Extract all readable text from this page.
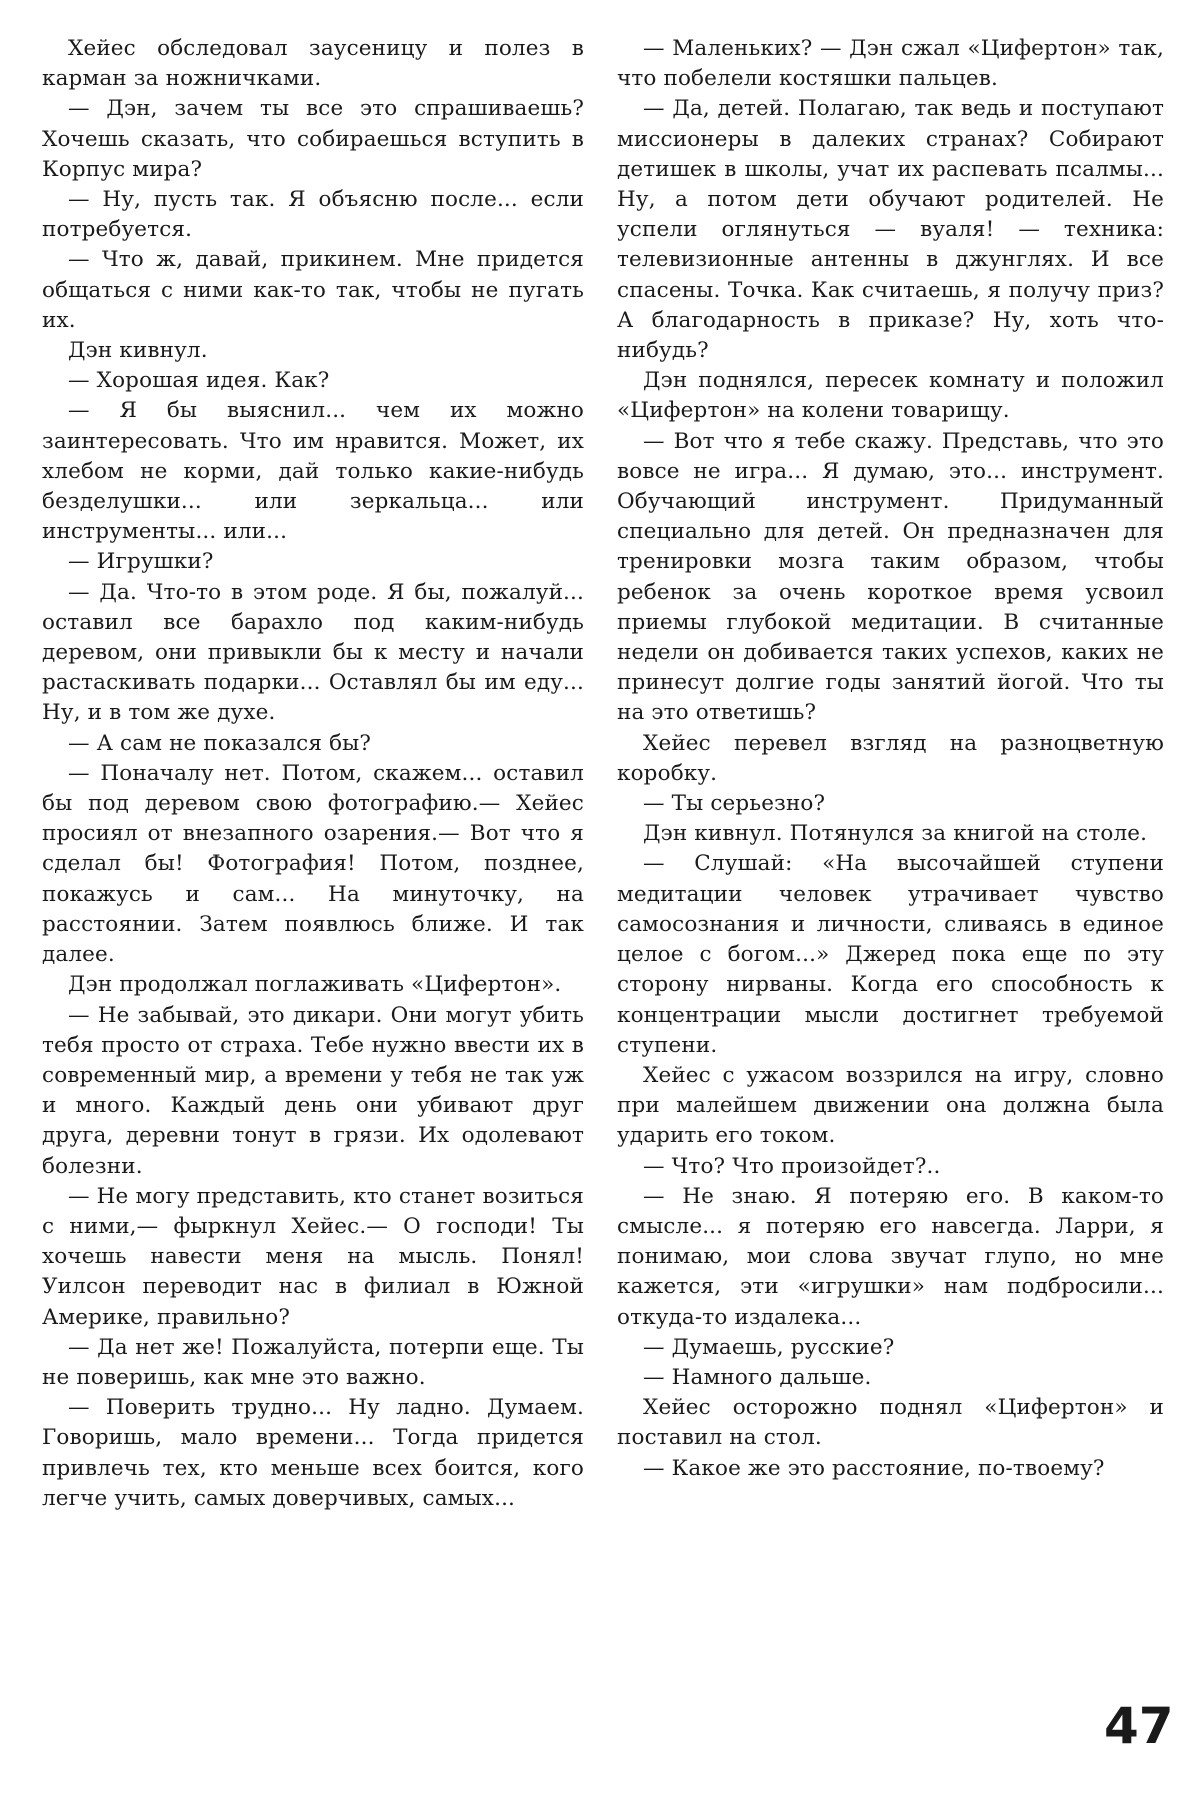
Хейес обследовал заусеницу и полез в карман за ножничками.

— Дэн, зачем ты все это спрашиваешь? Хочешь сказать, что собираешься вступить в Корпус мира?

— Ну, пусть так. Я объясню после... если потребуется.

— Что ж, давай, прикинем. Мне придется общаться с ними как-то так, чтобы не пугать их.

Дэн кивнул.

— Хорошая идея. Как?

— Я бы выяснил... чем их можно заинтересовать. Что им нравится. Может, их хлебом не корми, дай только какие-нибудь безделушки... или зеркальца... или инструменты... или...

— Игрушки?

— Да. Что-то в этом роде. Я бы, пожалуй... оставил все барахло под каким-нибудь деревом, они привыкли бы к месту и начали растаскивать подарки... Оставлял бы им еду... Ну, и в том же духе.

— А сам не показался бы?

— Поначалу нет. Потом, скажем... оставил бы под деревом свою фотографию.— Хейес просиял от внезапного озарения.— Вот что я сделал бы! Фотография! Потом, позднее, покажусь и сам... На минуточку, на расстоянии. Затем появлюсь ближе. И так далее.

Дэн продолжал поглаживать «Цифертон».

— Не забывай, это дикари. Они могут убить тебя просто от страха. Тебе нужно ввести их в современный мир, а времени у тебя не так уж и много. Каждый день они убивают друг друга, деревни тонут в грязи. Их одолевают болезни.

— Не могу представить, кто станет возиться с ними,— фыркнул Хейес.— О господи! Ты хочешь навести меня на мысль. Понял! Уилсон переводит нас в филиал в Южной Америке, правильно?

— Да нет же! Пожалуйста, потерпи еще. Ты не поверишь, как мне это важно.

— Поверить трудно... Ну ладно. Думаем. Говоришь, мало времени... Тогда придется привлечь тех, кто меньше всех боится, кого легче учить, самых доверчивых, самых...

— Маленьких? — Дэн сжал «Цифертон» так, что побелели костяшки пальцев.

— Да, детей. Полагаю, так ведь и поступают миссионеры в далеких странах? Собирают детишек в школы, учат их распевать псалмы... Ну, а потом дети обучают родителей. Не успели оглянуться — вуаля! — техника: телевизионные антенны в джунглях. И все спасены. Точка. Как считаешь, я получу приз? А благодарность в приказе? Ну, хоть что-нибудь?

Дэн поднялся, пересек комнату и положил «Цифертон» на колени товарищу.

— Вот что я тебе скажу. Представь, что это вовсе не игра... Я думаю, это... инструмент. Обучающий инструмент. Придуманный специально для детей. Он предназначен для тренировки мозга таким образом, чтобы ребенок за очень короткое время усвоил приемы глубокой медитации. В считанные недели он добивается таких успехов, каких не принесут долгие годы занятий йогой. Что ты на это ответишь?

Хейес перевел взгляд на разноцветную коробку.

— Ты серьезно?

Дэн кивнул. Потянулся за книгой на столе.

— Слушай: «На высочайшей ступени медитации человек утрачивает чувство самосознания и личности, сливаясь в единое целое с богом...» Джеред пока еще по эту сторону нирваны. Когда его способность к концентрации мысли достигнет требуемой ступени.

Хейес с ужасом воззрился на игру, словно при малейшем движении она должна была ударить его током.

— Что? Что произойдет?..

— Не знаю. Я потеряю его. В каком-то смысле... я потеряю его навсегда. Ларри, я понимаю, мои слова звучат глупо, но мне кажется, эти «игрушки» нам подбросили... откуда-то издалека...

— Думаешь, русские?

— Намного дальше.

Хейес осторожно поднял «Цифертон» и поставил на стол.

— Какое же это расстояние, по-твоему?

47
